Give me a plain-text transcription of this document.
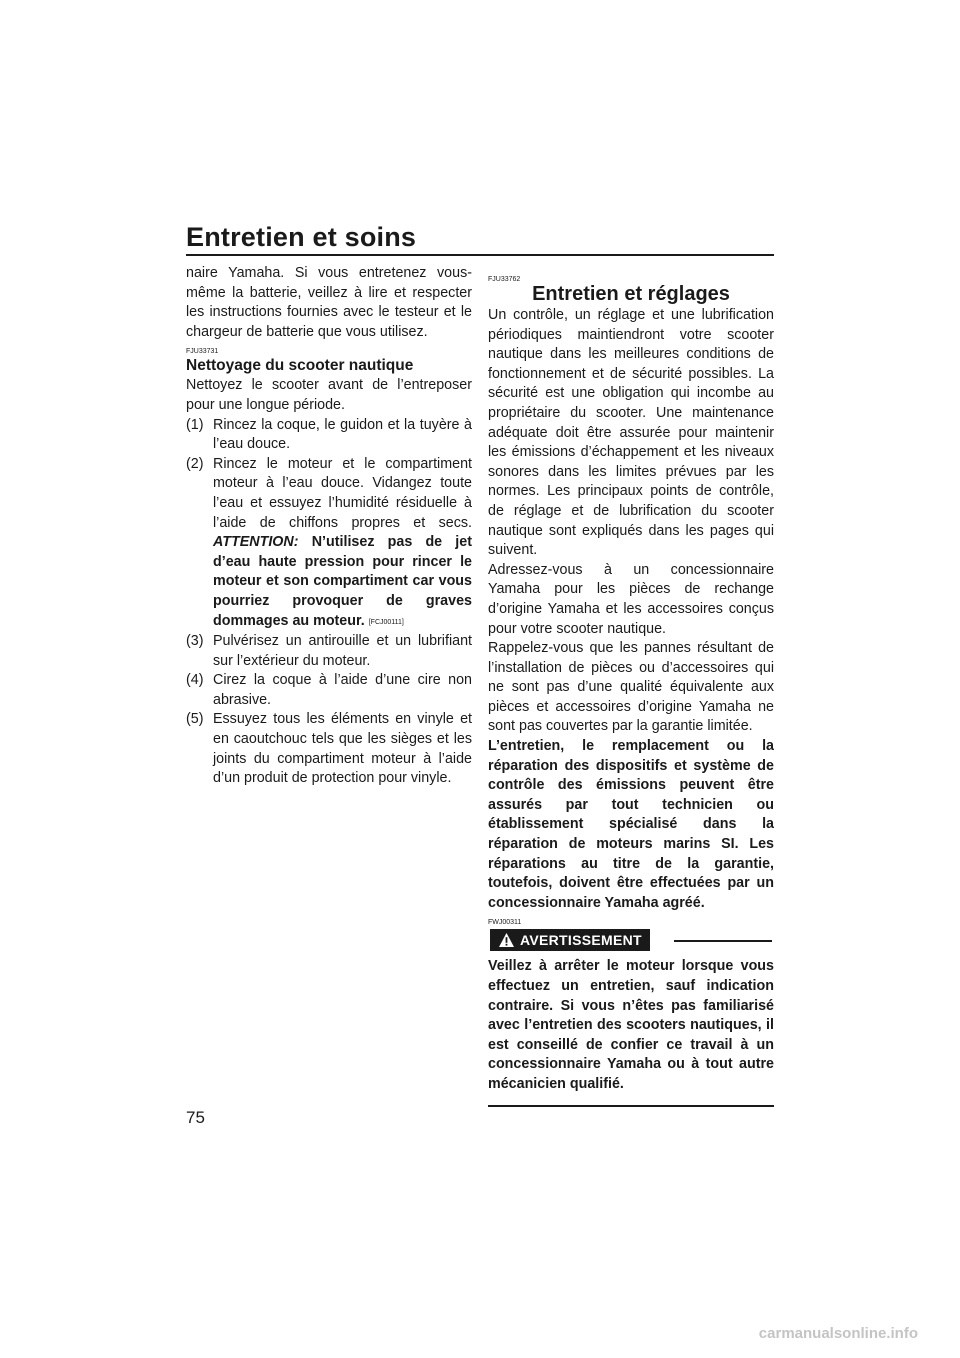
Entretien et soins

naire Yamaha. Si vous entretenez vous-même la batterie, veillez à lire et respecter les instructions fournies avec le testeur et le chargeur de batterie que vous utilisez.

FJU33731
Nettoyage du scooter nautique

Nettoyez le scooter avant de l’entreposer pour une longue période.

(1) Rincez la coque, le guidon et la tuyère à l’eau douce.
(2) Rincez le moteur et le compartiment moteur à l’eau douce. Vidangez toute l’eau et essuyez l’humidité résiduelle à l’aide de chiffons propres et secs. ATTENTION: N’utilisez pas de jet d’eau haute pression pour rincer le moteur et son compartiment car vous pourriez provoquer de graves dommages au moteur. [FCJ00111]
(3) Pulvérisez un antirouille et un lubrifiant sur l’extérieur du moteur.
(4) Cirez la coque à l’aide d’une cire non abrasive.
(5) Essuyez tous les éléments en vinyle et en caoutchouc tels que les sièges et les joints du compartiment moteur à l’aide d’un produit de protection pour vinyle.
FJU33762
Entretien et réglages

Un contrôle, un réglage et une lubrification périodiques maintiendront votre scooter nautique dans les meilleures conditions de fonctionnement et de sécurité possibles. La sécurité est une obligation qui incombe au propriétaire du scooter. Une maintenance adéquate doit être assurée pour maintenir les émissions d’échappement et les niveaux sonores dans les limites prévues par les normes. Les principaux points de contrôle, de réglage et de lubrification du scooter nautique sont expliqués dans les pages qui suivent.

Adressez-vous à un concessionnaire Yamaha pour les pièces de rechange d’origine Yamaha et les accessoires conçus pour votre scooter nautique.

Rappelez-vous que les pannes résultant de l’installation de pièces ou d’accessoires qui ne sont pas d’une qualité équivalente aux pièces et accessoires d’origine Yamaha ne sont pas couvertes par la garantie limitée.

L’entretien, le remplacement ou la réparation des dispositifs et système de contrôle des émissions peuvent être assurés par tout technicien ou établissement spécialisé dans la réparation de moteurs marins SI. Les réparations au titre de la garantie, toutefois, doivent être effectuées par un concessionnaire Yamaha agréé.

FWJ00311
AVERTISSEMENT

Veillez à arrêter le moteur lorsque vous effectuez un entretien, sauf indication contraire. Si vous n’êtes pas familiarisé avec l’entretien des scooters nautiques, il est conseillé de confier ce travail à un concessionnaire Yamaha ou à tout autre mécanicien qualifié.

75
carmanualsonline.info
